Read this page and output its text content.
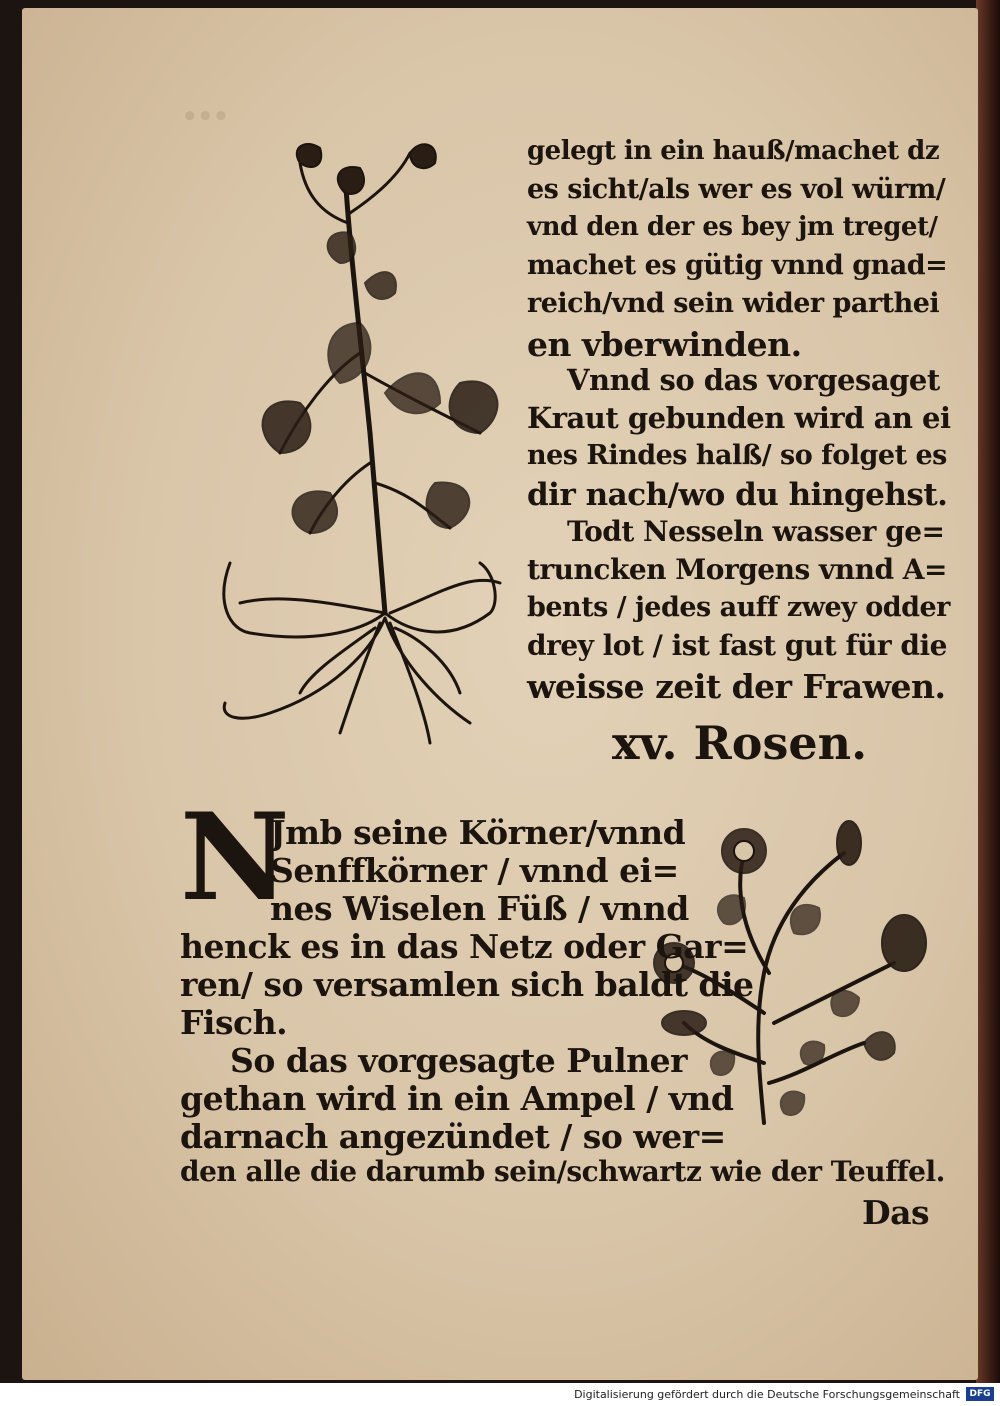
∙∙∙
gelegt in ein hauß/machet dz
es sicht/als wer es vol würm/
vnd den der es bey jm treget/
machet es gütig vnnd gnad=
reich/vnd sein wider parthei
en vberwinden.
Vnnd so das vorgesaget
Kraut gebunden wird an ei
nes Rindes halß/ so folget es
dir nach/wo du hingehst.
Todt Nesseln wasser ge=
truncken Morgens vnnd A=
bents / jedes auff zwey odder
drey lot / ist fast gut für die
weisse zeit der Frawen.
xv. Rosen.
N
Jmb seine Körner/vnnd
Senffkörner / vnnd ei=
nes Wiselen Füß / vnnd
henck es in das Netz oder Gar=
ren/ so versamlen sich baldt die
Fisch.
So das vorgesagte Pulner
gethan wird in ein Ampel / vnd
darnach angezündet / so wer=
den alle die darumb sein/schwartz wie der Teuffel.
Das
Digitalisierung gefördert durch die Deutsche Forschungsgemeinschaft	DFG
